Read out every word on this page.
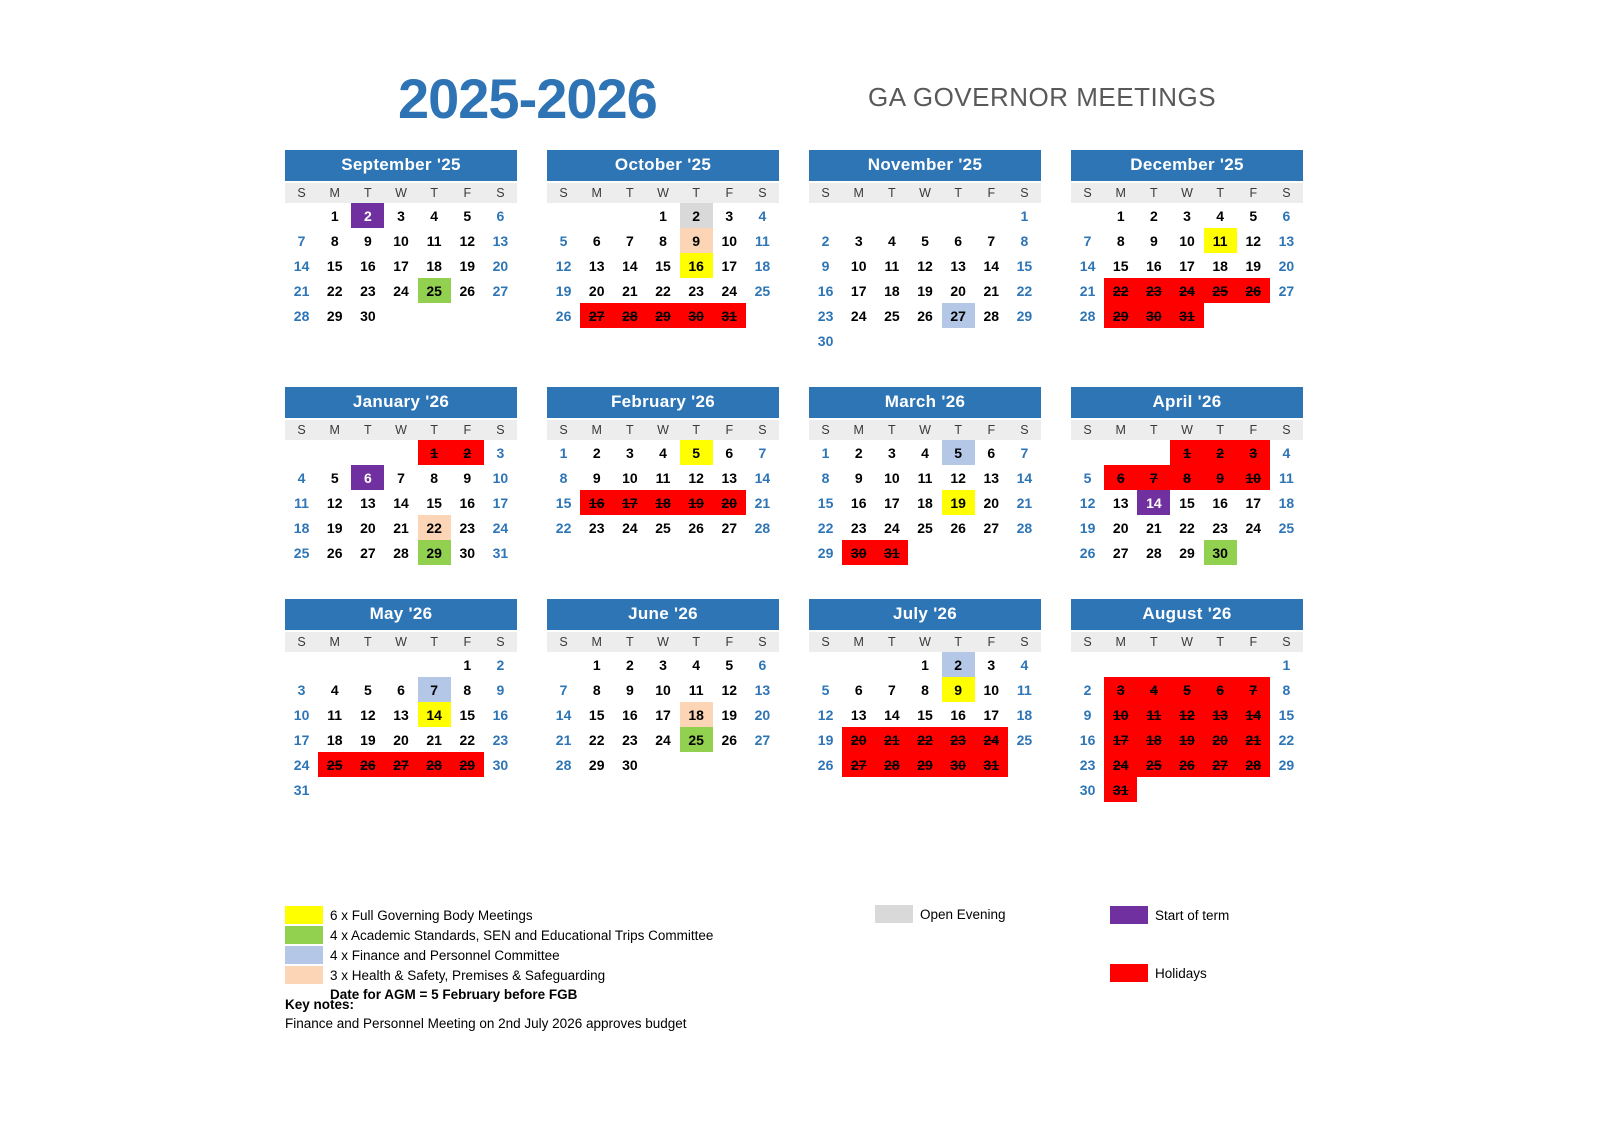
2025-2026	GA GOVERNOR MEETINGS
September '25
S	M	T	W	T	F	S
	1	2	3	4	5	6
7	8	9	10	11	12	13
14	15	16	17	18	19	20
21	22	23	24	25	26	27
28	29	30				
October '25
S	M	T	W	T	F	S
			1	2	3	4
5	6	7	8	9	10	11
12	13	14	15	16	17	18
19	20	21	22	23	24	25
26	27	28	29	30	31	
November '25
S	M	T	W	T	F	S
						1
2	3	4	5	6	7	8
9	10	11	12	13	14	15
16	17	18	19	20	21	22
23	24	25	26	27	28	29
30						
December '25
S	M	T	W	T	F	S
	1	2	3	4	5	6
7	8	9	10	11	12	13
14	15	16	17	18	19	20
21	22	23	24	25	26	27
28	29	30	31			
January '26
S	M	T	W	T	F	S
				1	2	3
4	5	6	7	8	9	10
11	12	13	14	15	16	17
18	19	20	21	22	23	24
25	26	27	28	29	30	31
February '26
S	M	T	W	T	F	S
1	2	3	4	5	6	7
8	9	10	11	12	13	14
15	16	17	18	19	20	21
22	23	24	25	26	27	28
March '26
S	M	T	W	T	F	S
1	2	3	4	5	6	7
8	9	10	11	12	13	14
15	16	17	18	19	20	21
22	23	24	25	26	27	28
29	30	31				
April '26
S	M	T	W	T	F	S
			1	2	3	4
5	6	7	8	9	10	11
12	13	14	15	16	17	18
19	20	21	22	23	24	25
26	27	28	29	30		
May '26
S	M	T	W	T	F	S
					1	2
3	4	5	6	7	8	9
10	11	12	13	14	15	16
17	18	19	20	21	22	23
24	25	26	27	28	29	30
31						
June '26
S	M	T	W	T	F	S
	1	2	3	4	5	6
7	8	9	10	11	12	13
14	15	16	17	18	19	20
21	22	23	24	25	26	27
28	29	30				
July '26
S	M	T	W	T	F	S
			1	2	3	4
5	6	7	8	9	10	11
12	13	14	15	16	17	18
19	20	21	22	23	24	25
26	27	28	29	30	31	
August '26
S	M	T	W	T	F	S
						1
2	3	4	5	6	7	8
9	10	11	12	13	14	15
16	17	18	19	20	21	22
23	24	25	26	27	28	29
30	31					
6 x Full Governing Body Meetings
4 x Academic Standards, SEN and Educational Trips Committee
4 x Finance and Personnel Committee
3 x Health & Safety, Premises & Safeguarding
Date for AGM = 5 February before FGB
Open Evening	Start of term
Holidays
Key notes:
Finance and Personnel Meeting on 2nd July 2026 approves budget
